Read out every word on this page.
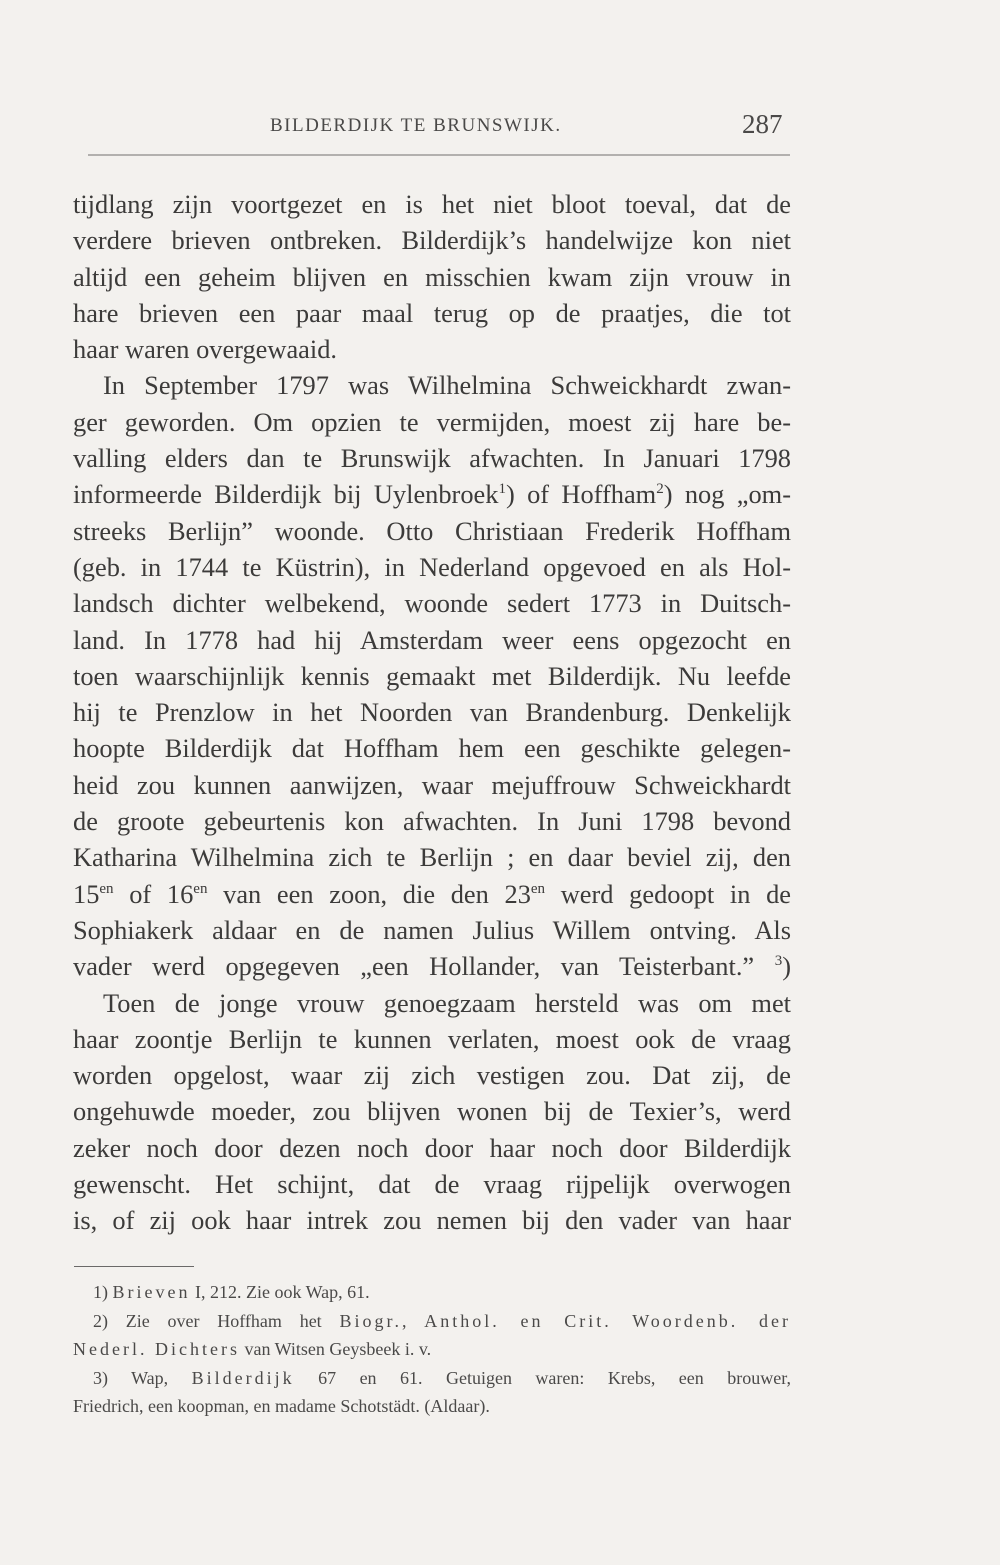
BILDERDIJK TE BRUNSWIJK.	287
tijdlang zijn voortgezet en is het niet bloot toeval, dat de
verdere brieven ontbreken. Bilderdijk’s handelwijze kon niet
altijd een geheim blijven en misschien kwam zijn vrouw in
hare brieven een paar maal terug op de praatjes, die tot
haar waren overgewaaid.
In September 1797 was Wilhelmina Schweickhardt zwan-
ger geworden. Om opzien te vermijden, moest zij hare be-
valling elders dan te Brunswijk afwachten. In Januari 1798
informeerde Bilderdijk bij Uylenbroek$^1$) of Hoffham$^2$) nog „om-
streeks Berlijn” woonde. Otto Christiaan Frederik Hoffham
(geb. in 1744 te Küstrin), in Nederland opgevoed en als Hol-
landsch dichter welbekend, woonde sedert 1773 in Duitsch-
land. In 1778 had hij Amsterdam weer eens opgezocht en
toen waarschijnlijk kennis gemaakt met Bilderdijk. Nu leefde
hij te Prenzlow in het Noorden van Brandenburg. Denkelijk
hoopte Bilderdijk dat Hoffham hem een geschikte gelegen-
heid zou kunnen aanwijzen, waar mejuffrouw Schweickhardt
de groote gebeurtenis kon afwachten. In Juni 1798 bevond
Katharina Wilhelmina zich te Berlijn ; en daar beviel zij, den
$15^{en}$ of $16^{en}$ van een zoon, die den $23^{en}$ werd gedoopt in de
Sophiakerk aldaar en de namen Julius Willem ontving. Als
vader werd opgegeven „een Hollander, van Teisterbant.” $^3$)
Toen de jonge vrouw genoegzaam hersteld was om met
haar zoontje Berlijn te kunnen verlaten, moest ook de vraag
worden opgelost, waar zij zich vestigen zou. Dat zij, de
ongehuwde moeder, zou blijven wonen bij de Texier’s, werd
zeker noch door dezen noch door haar noch door Bilderdijk
gewenscht. Het schijnt, dat de vraag rijpelijk overwogen
is, of zij ook haar intrek zou nemen bij den vader van haar
1) Brieven I, 212. Zie ook Wap, 61.
2) Zie over Hoffham het Biogr., Anthol. en Crit. Woordenb. der
Nederl. Dichters van Witsen Geysbeek i. v.
3) Wap, Bilderdijk 67 en 61. Getuigen waren: Krebs, een brouwer,
Friedrich, een koopman, en madame Schotstädt. (Aldaar).
